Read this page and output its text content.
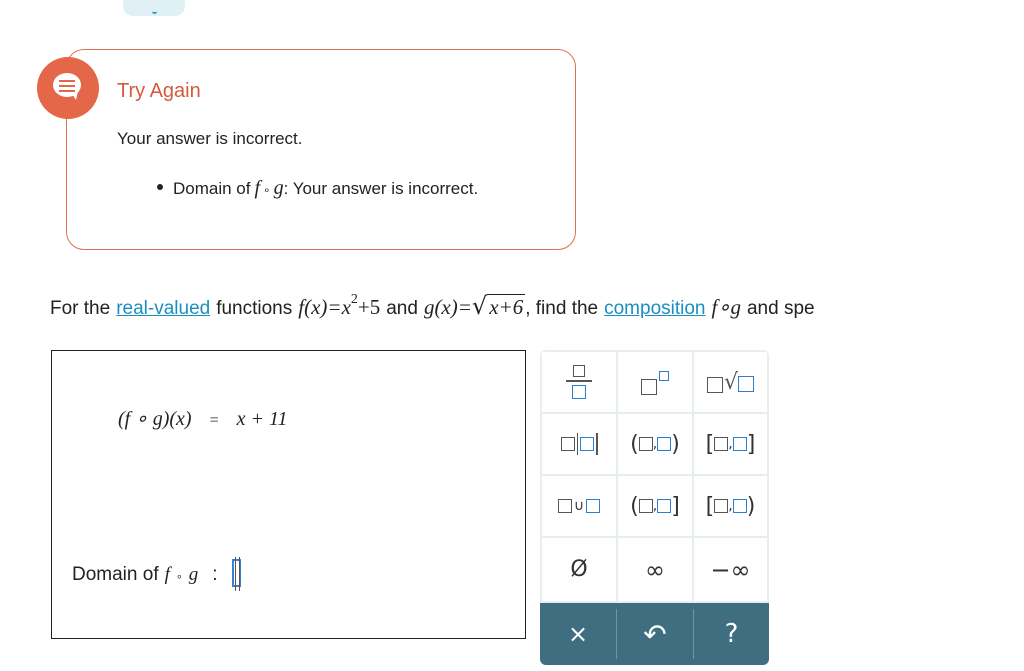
Try Again
Your answer is incorrect.
Domain of f ∘ g : Your answer is incorrect.
For the real-valued functions f(x)=x 2 +5 and g(x)= √ x+6 , find the composition f∘g and spe
(f ∘ g)(x) = x + 11
Domain of f ∘ g :
√
( , ) [ , ]
∪ ( , ] [ , )
Ø ∞ −∞
× ↶ ?
